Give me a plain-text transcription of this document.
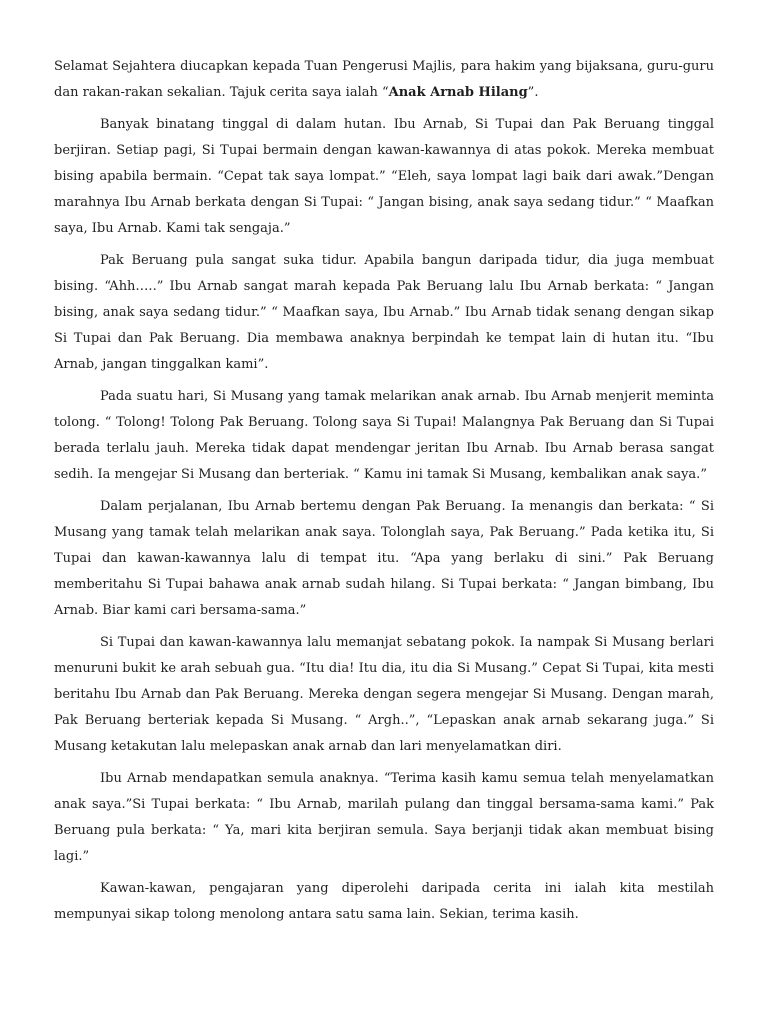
Selamat Sejahtera diucapkan kepada Tuan Pengerusi Majlis, para hakim yang bijaksana, guru-guru dan rakan-rakan sekalian. Tajuk cerita saya ialah “Anak Arnab Hilang”.

Banyak binatang tinggal di dalam hutan. Ibu Arnab, Si Tupai dan Pak Beruang tinggal berjiran. Setiap pagi, Si Tupai bermain dengan kawan-kawannya di atas pokok. Mereka membuat bising apabila bermain. “Cepat tak saya lompat.” “Eleh, saya lompat lagi baik dari awak.”Dengan marahnya Ibu Arnab berkata dengan Si Tupai: “ Jangan bising, anak saya sedang tidur.” “ Maafkan saya, Ibu Arnab. Kami tak sengaja.”

Pak Beruang pula sangat suka tidur. Apabila bangun daripada tidur, dia juga membuat bising. “Ahh…..” Ibu Arnab sangat marah kepada Pak Beruang lalu Ibu Arnab berkata: “ Jangan bising, anak saya sedang tidur.” “ Maafkan saya, Ibu Arnab.” Ibu Arnab tidak senang dengan sikap Si Tupai dan Pak Beruang. Dia membawa anaknya berpindah ke tempat lain di hutan itu. “Ibu Arnab, jangan tinggalkan kami”.

Pada suatu hari, Si Musang yang tamak melarikan anak arnab. Ibu Arnab menjerit meminta tolong. “ Tolong! Tolong Pak Beruang. Tolong saya Si Tupai! Malangnya Pak Beruang dan Si Tupai berada terlalu jauh. Mereka tidak dapat mendengar jeritan Ibu Arnab. Ibu Arnab berasa sangat sedih. Ia mengejar Si Musang dan berteriak. “ Kamu ini tamak Si Musang, kembalikan anak saya.”

Dalam perjalanan, Ibu Arnab bertemu dengan Pak Beruang. Ia menangis dan berkata: “ Si Musang yang tamak telah melarikan anak saya. Tolonglah saya, Pak Beruang.” Pada ketika itu, Si Tupai dan kawan-kawannya lalu di tempat itu. “Apa yang berlaku di sini.” Pak Beruang memberitahu Si Tupai bahawa anak arnab sudah hilang. Si Tupai berkata: “ Jangan bimbang, Ibu Arnab. Biar kami cari bersama-sama.”

Si Tupai dan kawan-kawannya lalu memanjat sebatang pokok. Ia nampak Si Musang berlari menuruni bukit ke arah sebuah gua. “Itu dia! Itu dia, itu dia Si Musang.” Cepat Si Tupai, kita mesti beritahu Ibu Arnab dan Pak Beruang. Mereka dengan segera mengejar Si Musang. Dengan marah, Pak Beruang berteriak kepada Si Musang. “ Argh..”, “Lepaskan anak arnab sekarang juga.” Si Musang ketakutan lalu melepaskan anak arnab dan lari menyelamatkan diri.

Ibu Arnab mendapatkan semula anaknya. “Terima kasih kamu semua telah menyelamatkan anak saya.”Si Tupai berkata: “ Ibu Arnab, marilah pulang dan tinggal bersama-sama kami.” Pak Beruang pula berkata: “ Ya, mari kita berjiran semula. Saya berjanji tidak akan membuat bising lagi.”

Kawan-kawan, pengajaran yang diperolehi daripada cerita ini ialah kita mestilah mempunyai sikap tolong menolong antara satu sama lain. Sekian, terima kasih.
